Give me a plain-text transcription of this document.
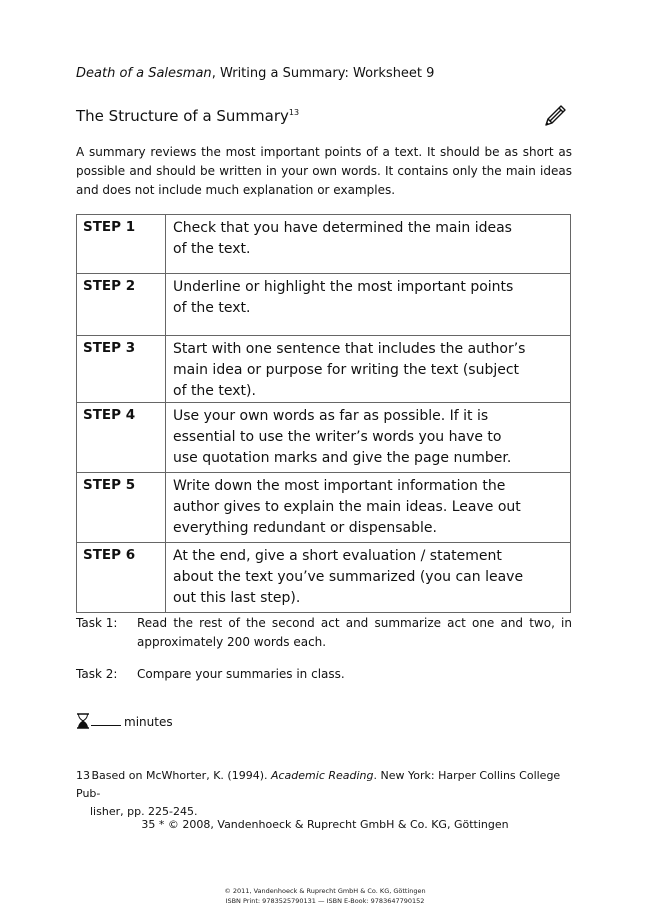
Death of a Salesman, Writing a Summary: Worksheet 9
The Structure of a Summary$^{13}$
A summary reviews the most important points of a text. It should be as short as possible and should be written in your own words. It contains only the main ideas and does not include much explanation or examples.
STEP 1	Check that you have determined the main ideas
of the text.

STEP 2	Underline or highlight the most important points
of the text.

STEP 3	Start with one sentence that includes the author’s
main idea or purpose for writing the text (subject
of the text).

STEP 4	Use your own words as far as possible. If it is
essential to use the writer’s words you have to
use quotation marks and give the page number.

STEP 5	Write down the most important information the
author gives to explain the main ideas. Leave out
everything redundant or dispensable.

STEP 6	At the end, give a short evaluation / statement
about the text you’ve summarized (you can leave
out this last step).
Task 1:	Read the rest of the second act and summarize act one and two, in approximately 200 words each.
Task 2:	Compare your summaries in class.
minutes
13 Based on McWhorter, K. (1994). Academic Reading. New York: Harper Collins College Pub-
lisher, pp. 225-245.
35 * © 2008, Vandenhoeck & Ruprecht GmbH & Co. KG, Göttingen
© 2011, Vandenhoeck & Ruprecht GmbH & Co. KG, Göttingen
ISBN Print: 9783525790131 — ISBN E-Book: 9783647790152
